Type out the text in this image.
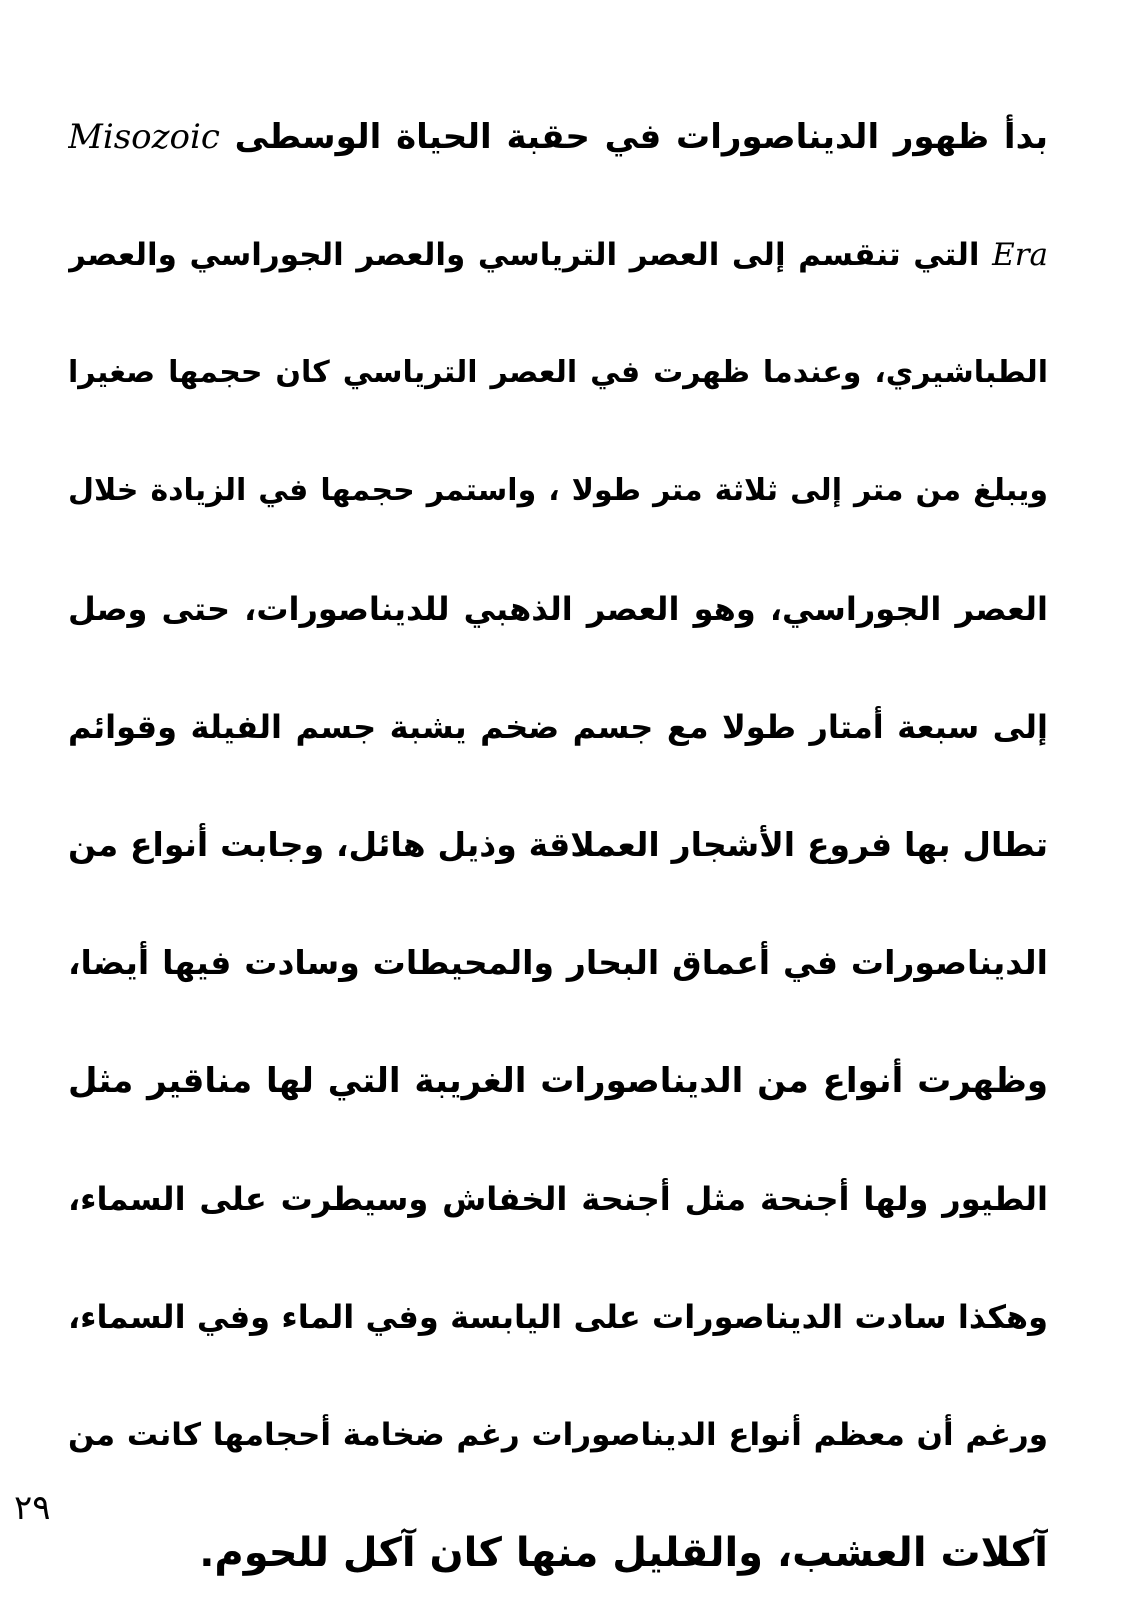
بدأ ظهور الديناصورات في حقبة الحياة الوسطى Misozoic
Era التي تنقسم إلى العصر الترياسي والعصر الجوراسي والعصر
الطباشيري، وعندما ظهرت في العصر الترياسي كان حجمها صغيرا
ويبلغ من متر إلى ثلاثة متر طولا ، واستمر حجمها في الزيادة خلال
العصر الجوراسي، وهو العصر الذهبي للديناصورات، حتى وصل
إلى سبعة أمتار طولا مع جسم ضخم يشبة جسم الفيلة وقوائم
تطال بها فروع الأشجار العملاقة وذيل هائل، وجابت أنواع من
الديناصورات في أعماق البحار والمحيطات وسادت فيها أيضا،
وظهرت أنواع من الديناصورات الغريبة التي لها مناقير مثل
الطيور ولها أجنحة مثل أجنحة الخفاش وسيطرت على السماء،
وهكذا سادت الديناصورات على اليابسة وفي الماء وفي السماء،
ورغم أن معظم أنواع الديناصورات رغم ضخامة أحجامها كانت من
آكلات العشب، والقليل منها كان آكل للحوم.
٢٩
